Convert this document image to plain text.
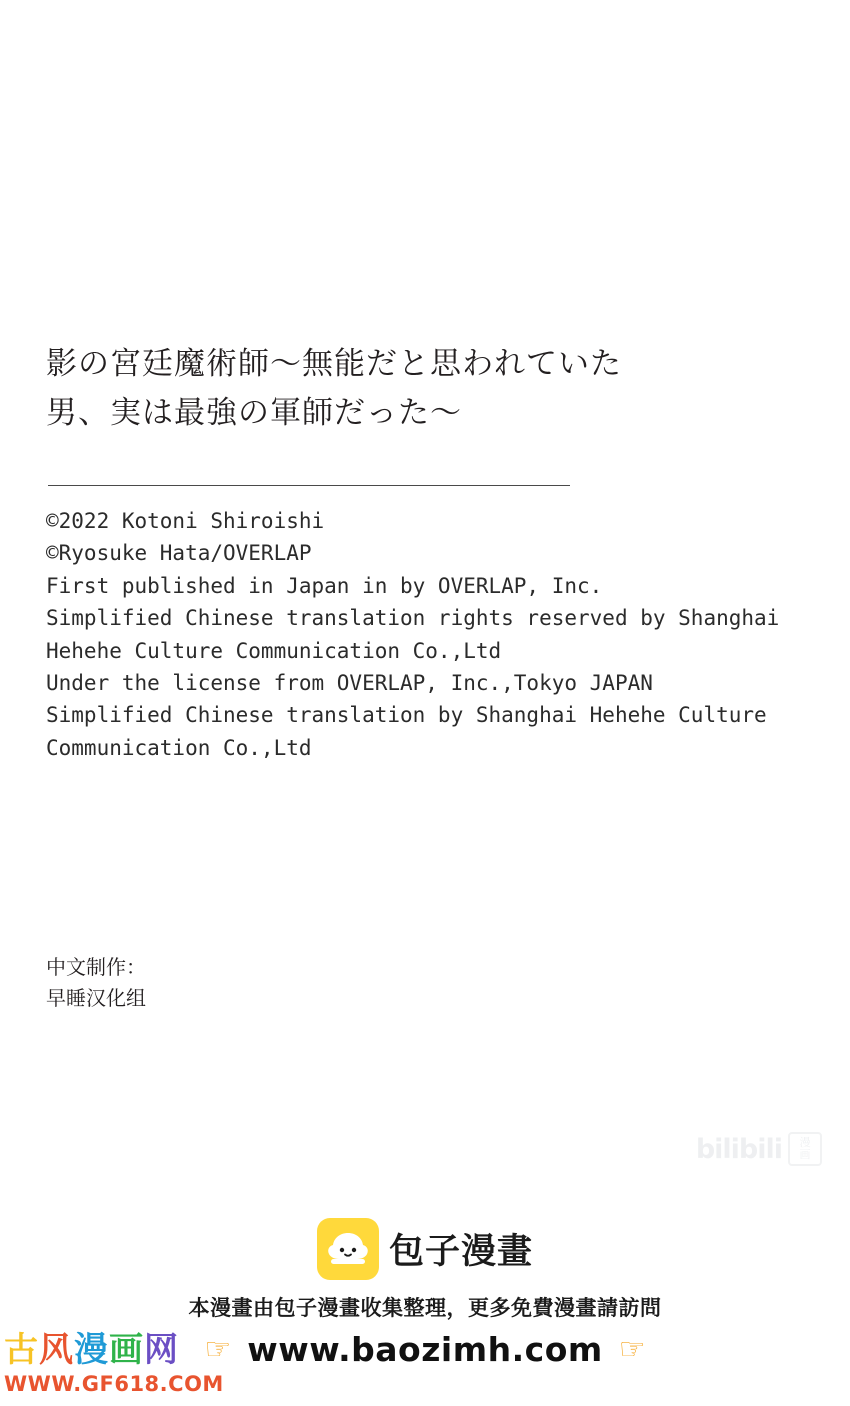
影の宮廷魔術師～無能だと思われていた
男、実は最強の軍師だった～
©2022 Kotoni Shiroishi
©Ryosuke Hata/OVERLAP
First published in Japan in by OVERLAP, Inc.
Simplified Chinese translation rights reserved by Shanghai
Hehehe Culture Communication Co.,Ltd
Under the license from OVERLAP, Inc.,Tokyo JAPAN
Simplified Chinese translation by Shanghai Hehehe Culture
Communication Co.,Ltd
中文制作：
早睡汉化组
bilibili 漫
画
包子漫畫
本漫畫由包子漫畫收集整理，更多免費漫畫請訪問
☞ www.baozimh.com ☞
古风漫画网
WWW.GF618.COM
